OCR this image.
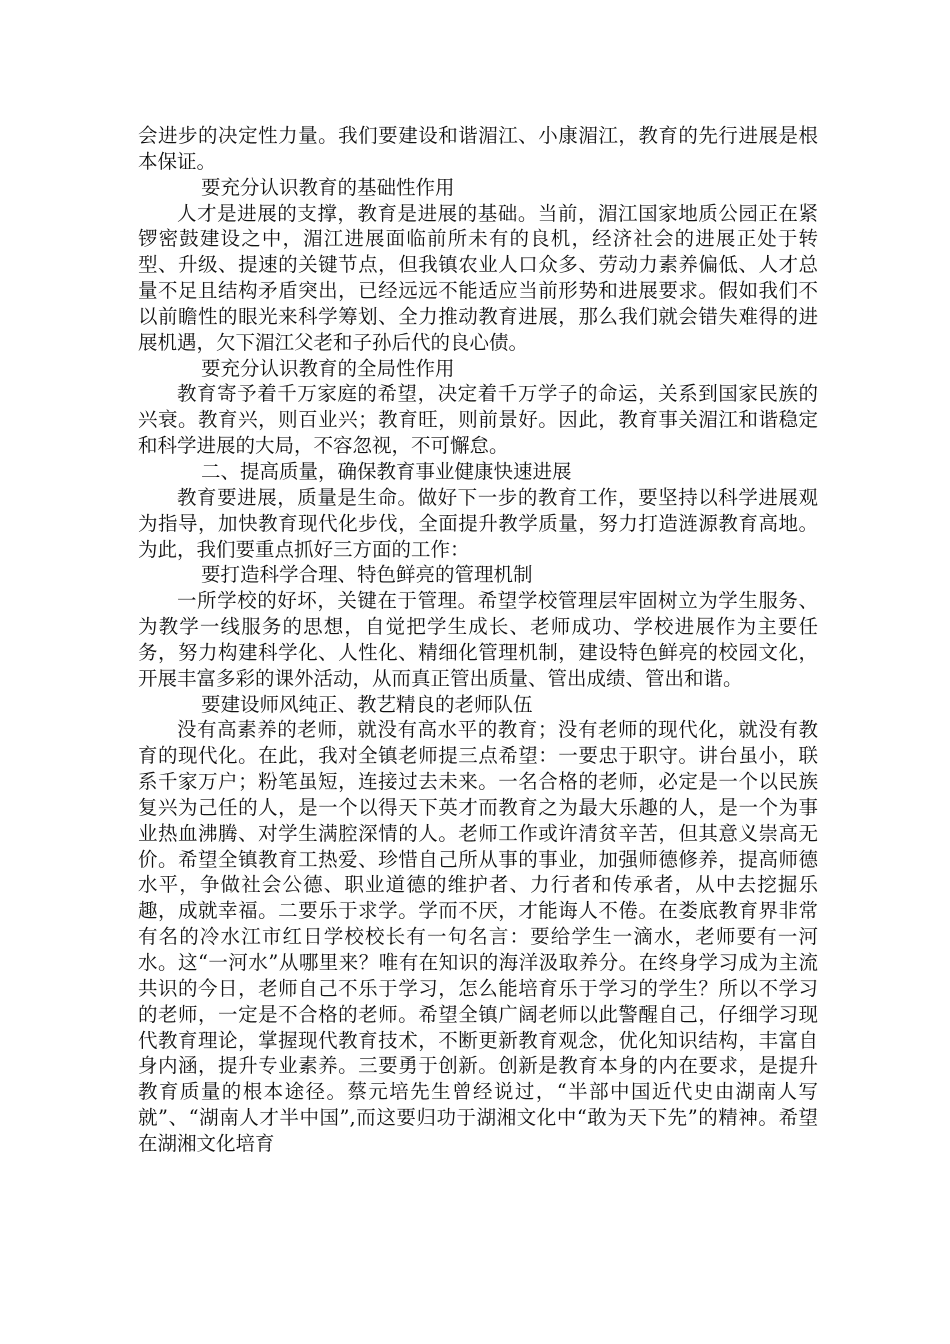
会进步的决定性力量。我们要建设和谐湄江、小康湄江，教育的先行进展是根本保证。

要充分认识教育的基础性作用

人才是进展的支撑，教育是进展的基础。当前，湄江国家地质公园正在紧锣密鼓建设之中，湄江进展面临前所未有的良机，经济社会的进展正处于转型、升级、提速的关键节点，但我镇农业人口众多、劳动力素养偏低、人才总量不足且结构矛盾突出，已经远远不能适应当前形势和进展要求。假如我们不以前瞻性的眼光来科学筹划、全力推动教育进展，那么我们就会错失难得的进展机遇，欠下湄江父老和子孙后代的良心债。

要充分认识教育的全局性作用

教育寄予着千万家庭的希望，决定着千万学子的命运，关系到国家民族的兴衰。教育兴，则百业兴；教育旺，则前景好。因此，教育事关湄江和谐稳定和科学进展的大局，不容忽视，不可懈怠。

二、提高质量，确保教育事业健康快速进展

教育要进展，质量是生命。做好下一步的教育工作，要坚持以科学进展观为指导，加快教育现代化步伐，全面提升教学质量，努力打造涟源教育高地。为此，我们要重点抓好三方面的工作：

要打造科学合理、特色鲜亮的管理机制

一所学校的好坏，关键在于管理。希望学校管理层牢固树立为学生服务、为教学一线服务的思想，自觉把学生成长、老师成功、学校进展作为主要任务，努力构建科学化、人性化、精细化管理机制，建设特色鲜亮的校园文化，开展丰富多彩的课外活动，从而真正管出质量、管出成绩、管出和谐。

要建设师风纯正、教艺精良的老师队伍

没有高素养的老师，就没有高水平的教育；没有老师的现代化，就没有教育的现代化。在此，我对全镇老师提三点希望：一要忠于职守。讲台虽小，联系千家万户；粉笔虽短，连接过去未来。一名合格的老师，必定是一个以民族复兴为己任的人，是一个以得天下英才而教育之为最大乐趣的人，是一个为事业热血沸腾、对学生满腔深情的人。老师工作或许清贫辛苦，但其意义崇高无价。希望全镇教育工热爱、珍惜自己所从事的事业，加强师德修养，提高师德水平，争做社会公德、职业道德的维护者、力行者和传承者，从中去挖掘乐趣，成就幸福。二要乐于求学。学而不厌，才能诲人不倦。在娄底教育界非常有名的冷水江市红日学校校长有一句名言：要给学生一滴水，老师要有一河水。这“一河水”从哪里来？唯有在知识的海洋汲取养分。在终身学习成为主流共识的今日，老师自己不乐于学习，怎么能培育乐于学习的学生？所以不学习的老师，一定是不合格的老师。希望全镇广阔老师以此警醒自己，仔细学习现代教育理论，掌握现代教育技术，不断更新教育观念，优化知识结构，丰富自身内涵，提升专业素养。三要勇于创新。创新是教育本身的内在要求，是提升教育质量的根本途径。蔡元培先生曾经说过，“半部中国近代史由湖南人写就”、“湖南人才半中国”,而这要归功于湖湘文化中“敢为天下先”的精神。希望在湖湘文化培育
